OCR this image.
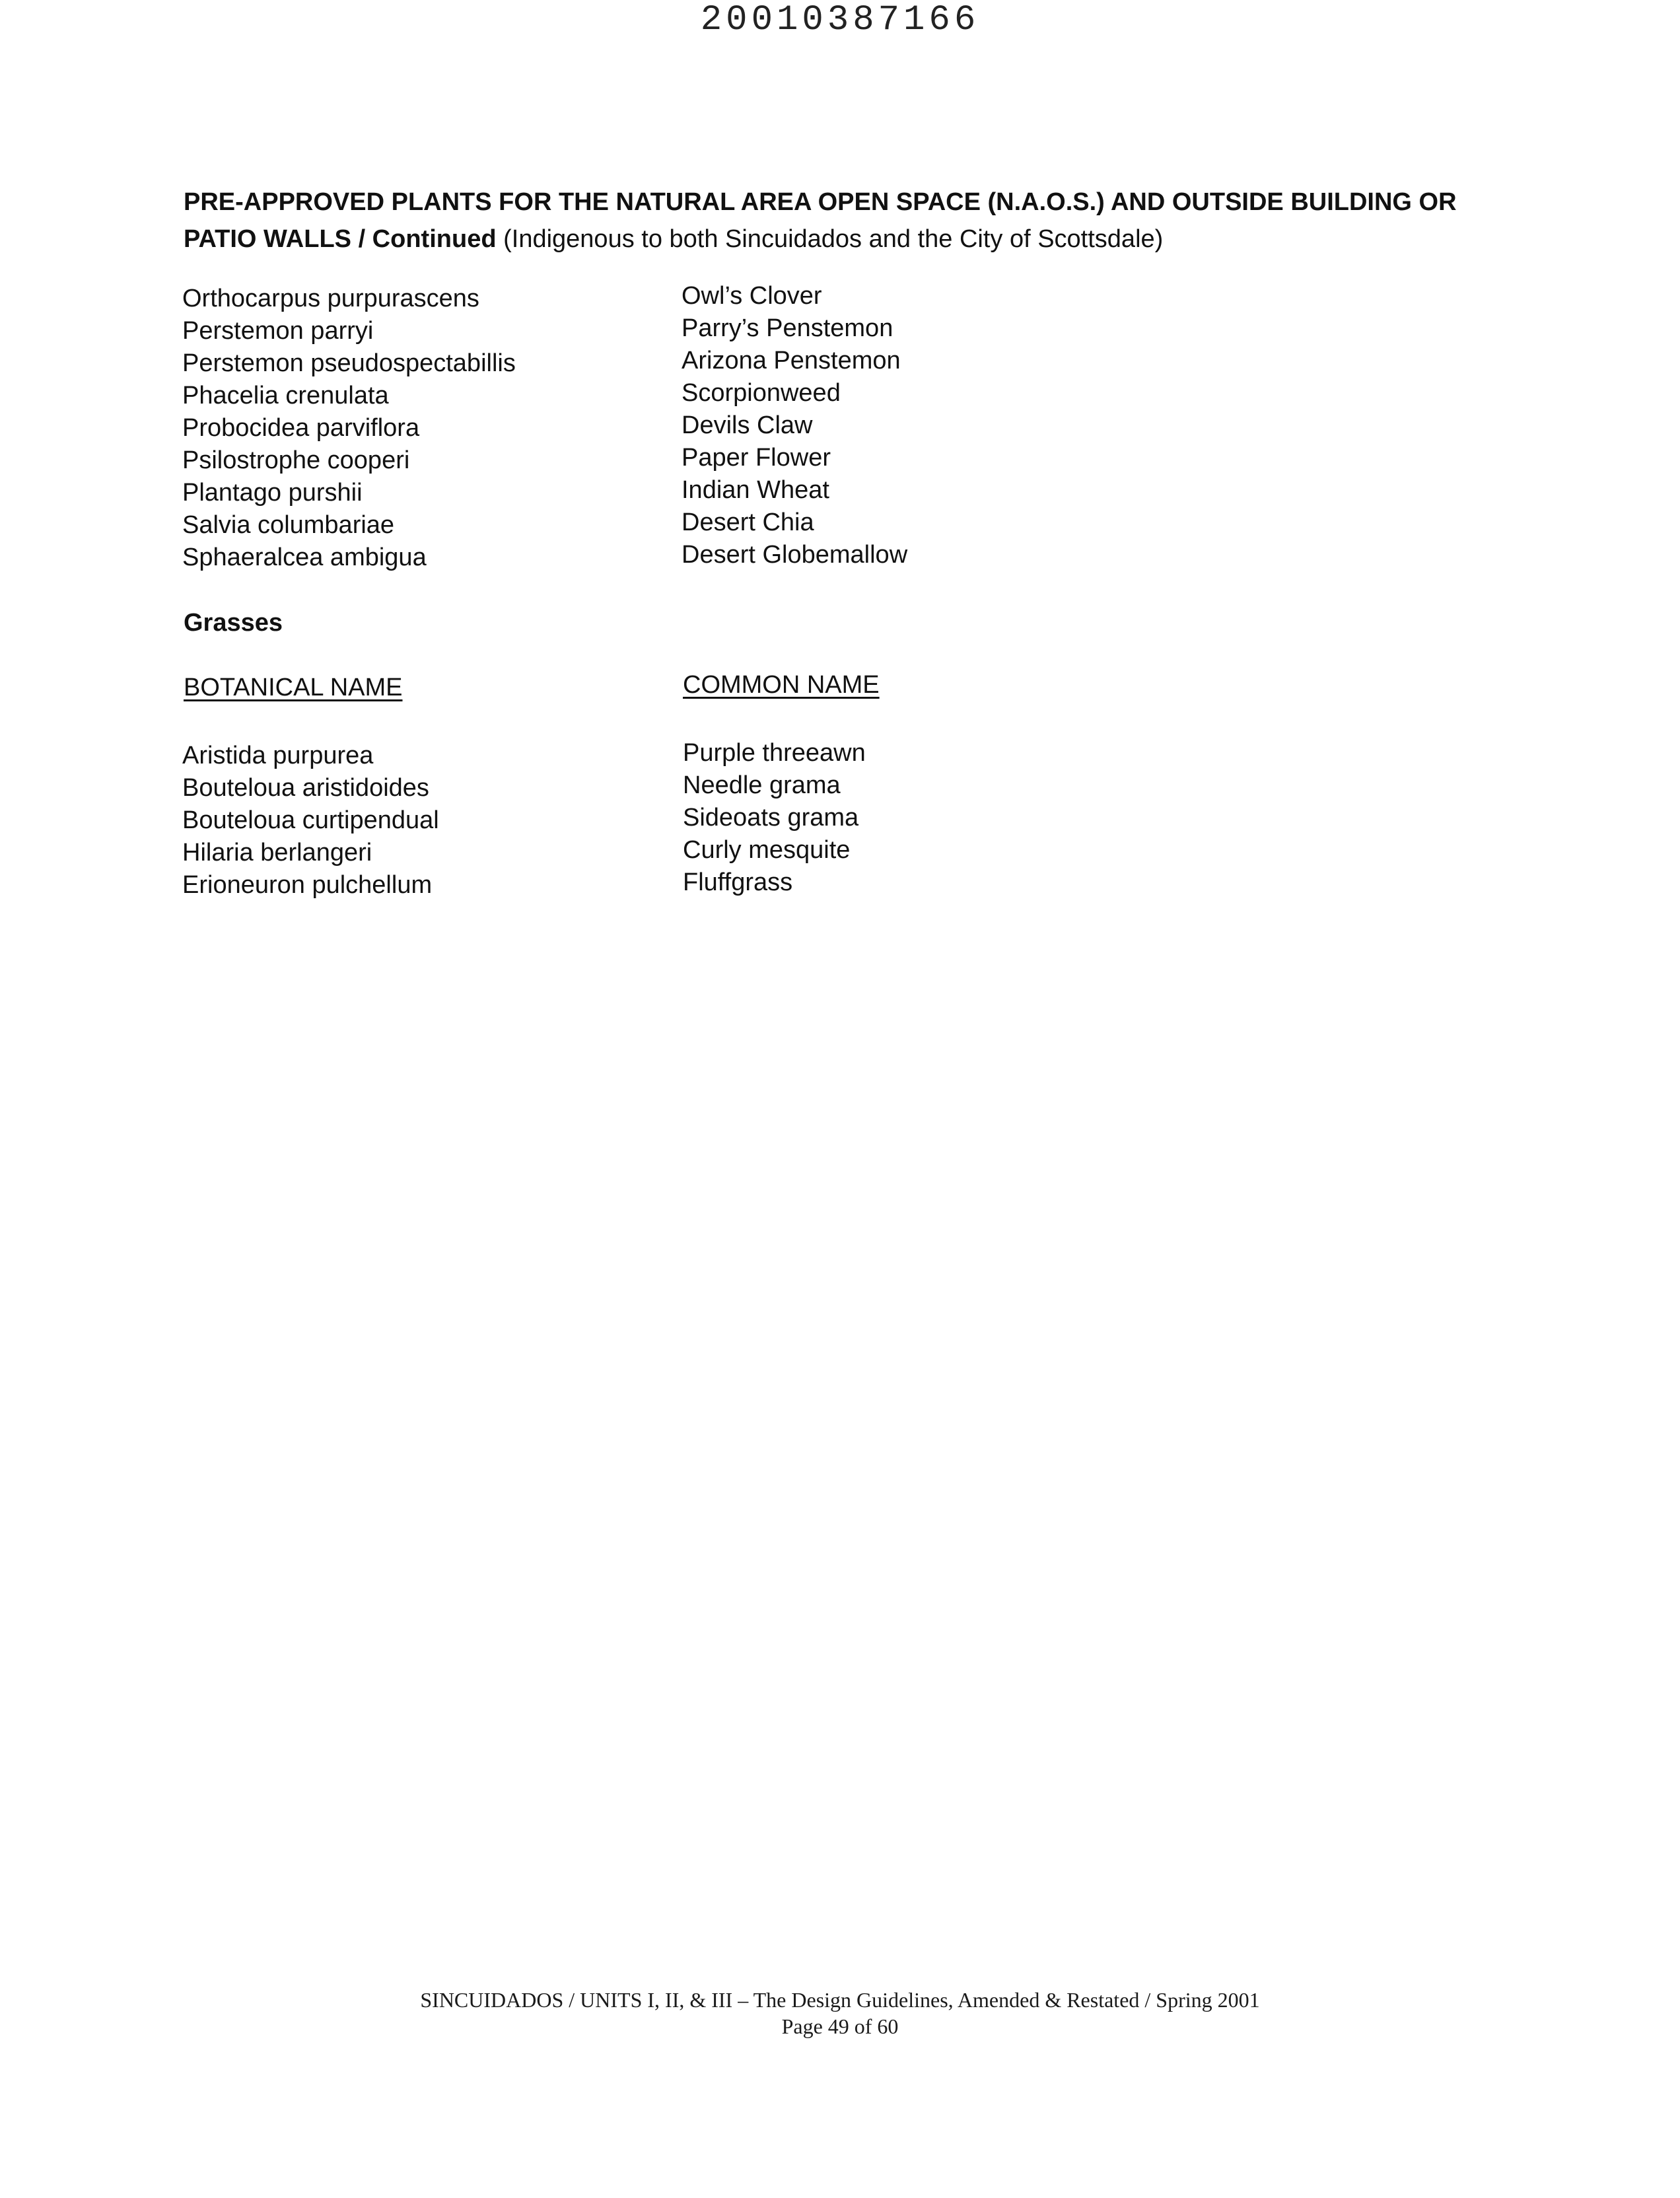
20010387166
PRE-APPROVED PLANTS FOR THE NATURAL AREA OPEN SPACE (N.A.O.S.) AND OUTSIDE BUILDING OR PATIO WALLS / Continued (Indigenous to both Sincuidados and the City of Scottsdale)
Orthocarpus purpurascens
Perstemon parryi
Perstemon pseudospectabillis
Phacelia crenulata
Probocidea parviflora
Psilostrophe cooperi
Plantago purshii
Salvia columbariae
Sphaeralcea ambigua
Owl’s Clover
Parry’s Penstemon
Arizona Penstemon
Scorpionweed
Devils Claw
Paper Flower
Indian Wheat
Desert Chia
Desert Globemallow
Grasses
BOTANICAL NAME	COMMON NAME
Aristida purpurea
Bouteloua aristidoides
Bouteloua curtipendual
Hilaria berlangeri
Erioneuron pulchellum
Purple threeawn
Needle grama
Sideoats grama
Curly mesquite
Fluffgrass
SINCUIDADOS / UNITS I, II, & III – The Design Guidelines, Amended & Restated / Spring 2001
Page 49 of 60
